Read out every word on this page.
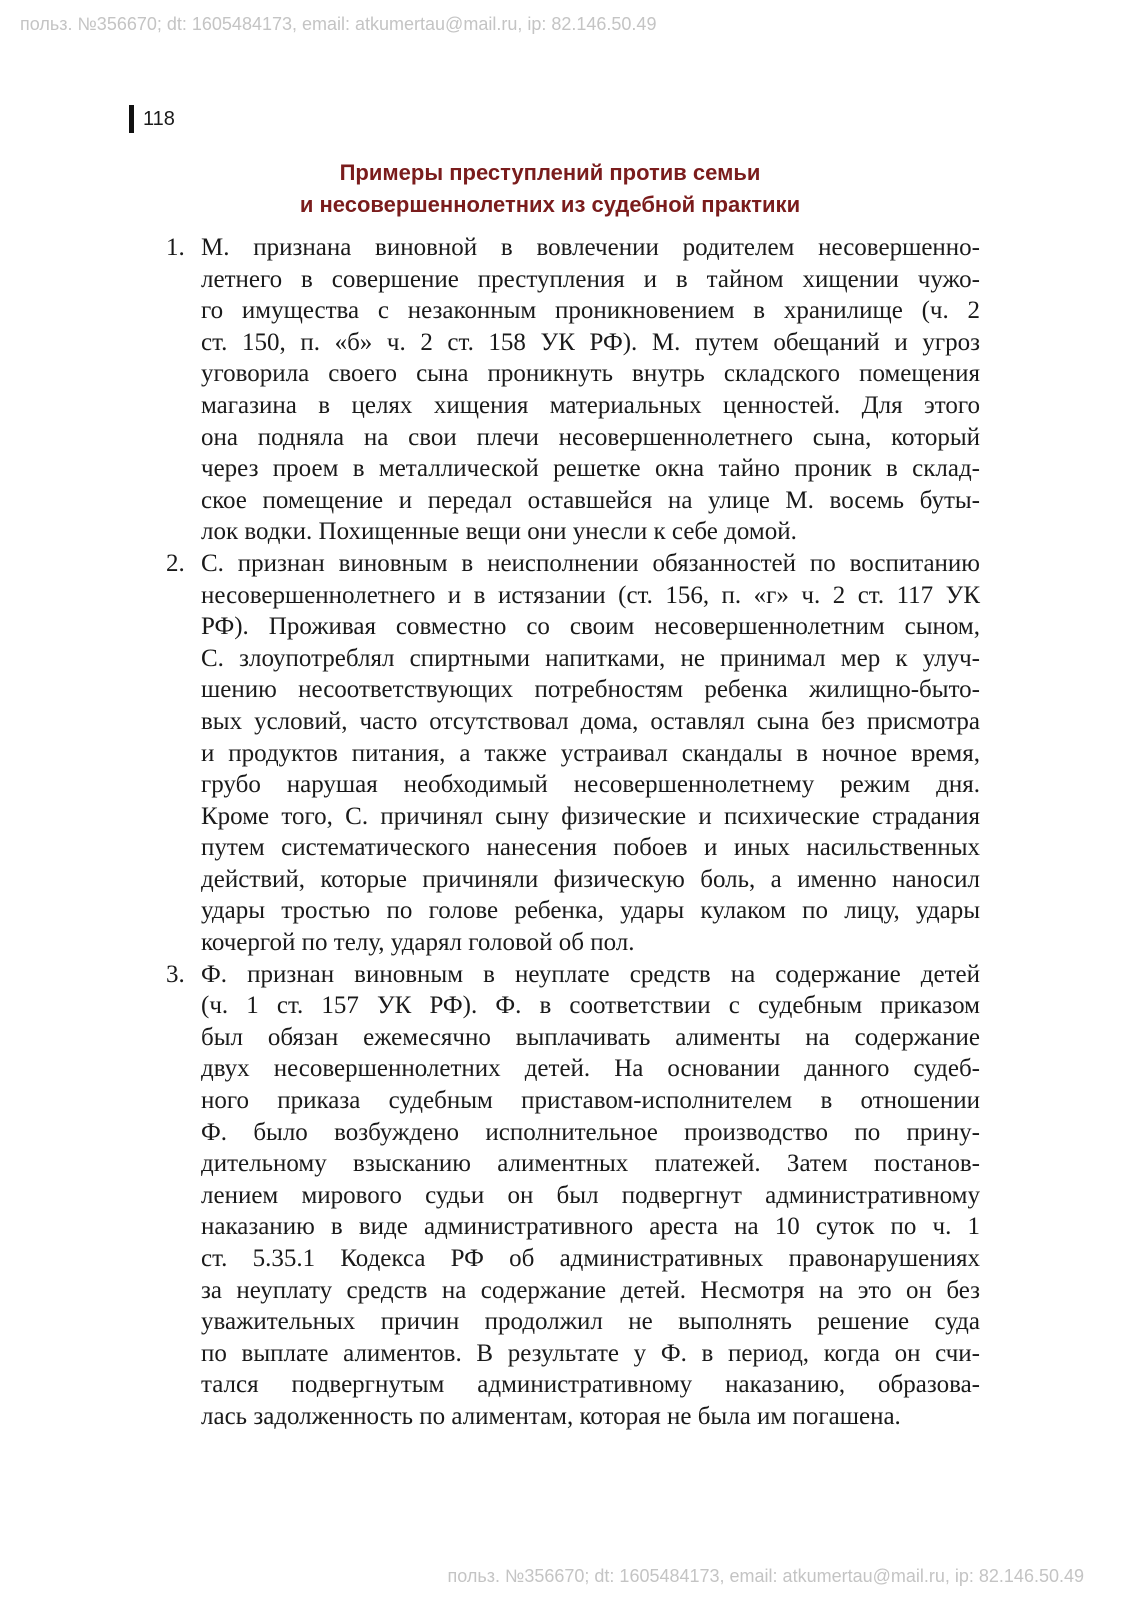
польз. №356670; dt: 1605484173, email: atkumertau@mail.ru, ip: 82.146.50.49
118
Примеры преступлений против семьи
и несовершеннолетних из судебной практики
1. М. признана виновной в вовлечении родителем несовершенно-
летнего в совершение преступления и в тайном хищении чужо-
го имущества с незаконным проникновением в хранилище (ч. 2
ст. 150, п. «б» ч. 2 ст. 158 УК РФ). М. путем обещаний и угроз
уговорила своего сына проникнуть внутрь складского помещения
магазина в целях хищения материальных ценностей. Для этого
она подняла на свои плечи несовершеннолетнего сына, который
через проем в металлической решетке окна тайно проник в склад-
ское помещение и передал оставшейся на улице М. восемь буты-
лок водки. Похищенные вещи они унесли к себе домой.
2. С. признан виновным в неисполнении обязанностей по воспитанию
несовершеннолетнего и в истязании (ст. 156, п. «г» ч. 2 ст. 117 УК
РФ). Проживая совместно со своим несовершеннолетним сыном,
С. злоупотреблял спиртными напитками, не принимал мер к улуч-
шению несоответствующих потребностям ребенка жилищно-быто-
вых условий, часто отсутствовал дома, оставлял сына без присмотра
и продуктов питания, а также устраивал скандалы в ночное время,
грубо нарушая необходимый несовершеннолетнему режим дня.
Кроме того, С. причинял сыну физические и психические страдания
путем систематического нанесения побоев и иных насильственных
действий, которые причиняли физическую боль, а именно наносил
удары тростью по голове ребенка, удары кулаком по лицу, удары
кочергой по телу, ударял головой об пол.
3. Ф. признан виновным в неуплате средств на содержание детей
(ч. 1 ст. 157 УК РФ). Ф. в соответствии с судебным приказом
был обязан ежемесячно выплачивать алименты на содержание
двух несовершеннолетних детей. На основании данного судеб-
ного приказа судебным приставом-исполнителем в отношении
Ф. было возбуждено исполнительное производство по прину-
дительному взысканию алиментных платежей. Затем постанов-
лением мирового судьи он был подвергнут административному
наказанию в виде административного ареста на 10 суток по ч. 1
ст. 5.35.1 Кодекса РФ об административных правонарушениях
за неуплату средств на содержание детей. Несмотря на это он без
уважительных причин продолжил не выполнять решение суда
по выплате алиментов. В результате у Ф. в период, когда он счи-
тался подвергнутым административному наказанию, образова-
лась задолженность по алиментам, которая не была им погашена.
польз. №356670; dt: 1605484173, email: atkumertau@mail.ru, ip: 82.146.50.49
